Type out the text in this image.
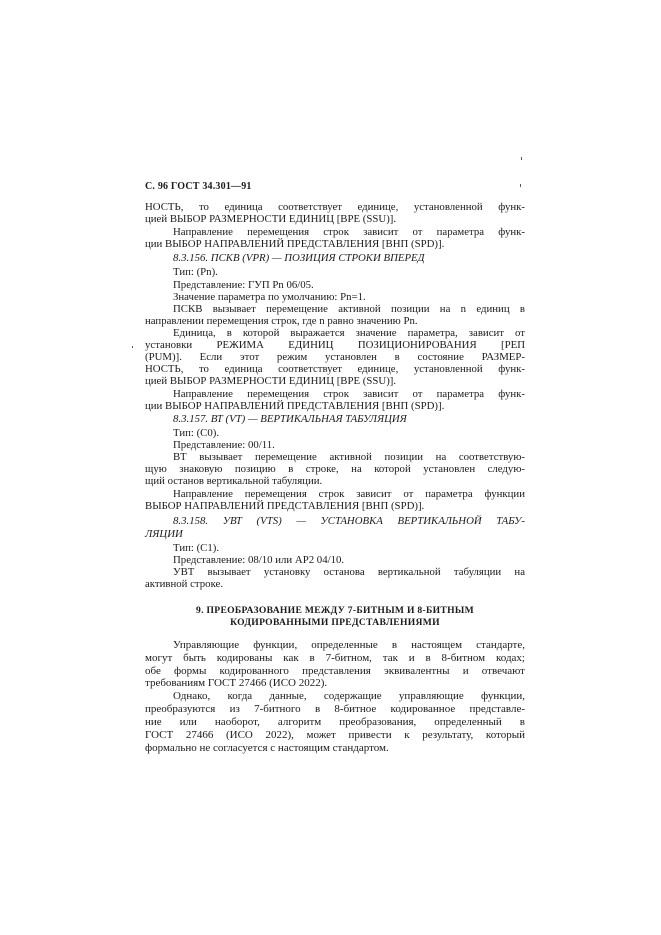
С. 96 ГОСТ 34.301—91
НОСТЬ, то единица соответствует единице, установленной функ-
цией ВЫБОР РАЗМЕРНОСТИ ЕДИНИЦ [ВРЕ (SSU)].
Направление перемещения строк зависит от параметра функ-
ции ВЫБОР НАПРАВЛЕНИЙ ПРЕДСТАВЛЕНИЯ [ВНП (SPD)].
8.3.156. ПСКВ (VPR) — ПОЗИЦИЯ СТРОКИ ВПЕРЕД
Тип: (Pn).
Представление: ГУП Pn 06/05.
Значение параметра по умолчанию: Pn=1.
ПСКВ вызывает перемещение активной позиции на n единиц в
направлении перемещения строк, где n равно значению Pn.
Единица, в которой выражается значение параметра, зависит от
установки РЕЖИМА ЕДИНИЦ ПОЗИЦИОНИРОВАНИЯ [РЕП
(PUM)]. Если этот режим установлен в состояние РАЗМЕР-
НОСТЬ, то единица соответствует единице, установленной функ-
цией ВЫБОР РАЗМЕРНОСТИ ЕДИНИЦ [ВРЕ (SSU)].
Направление перемещения строк зависит от параметра функ-
ции ВЫБОР НАПРАВЛЕНИЙ ПРЕДСТАВЛЕНИЯ [ВНП (SPD)].
8.3.157. ВТ (VT) — ВЕРТИКАЛЬНАЯ ТАБУЛЯЦИЯ
Тип: (C0).
Представление: 00/11.
ВТ вызывает перемещение активной позиции на соответствую-
щую знаковую позицию в строке, на которой установлен следую-
щий останов вертикальной табуляции.
Направление перемещения строк зависит от параметра функции
ВЫБОР НАПРАВЛЕНИЙ ПРЕДСТАВЛЕНИЯ [ВНП (SPD)].
8.3.158. УВТ (VTS) — УСТАНОВКА ВЕРТИКАЛЬНОЙ ТАБУ-
ЛЯЦИИ
Тип: (C1).
Представление: 08/10 или АР2 04/10.
УВТ вызывает установку останова вертикальной табуляции на
активной строке.
9. ПРЕОБРАЗОВАНИЕ МЕЖДУ 7-БИТНЫМ И 8-БИТНЫМ
КОДИРОВАННЫМИ ПРЕДСТАВЛЕНИЯМИ
Управляющие функции, определенные в настоящем стандарте,
могут быть кодированы как в 7-битном, так и в 8-битном кодах;
обе формы кодированного представления эквивалентны и отвечают
требованиям ГОСТ 27466 (ИСО 2022).
Однако, когда данные, содержащие управляющие функции,
преобразуются из 7-битного в 8-битное кодированное представле-
ние или наоборот, алгоритм преобразования, определенный в
ГОСТ 27466 (ИСО 2022), может привести к результату, который
формально не согласуется с настоящим стандартом.
